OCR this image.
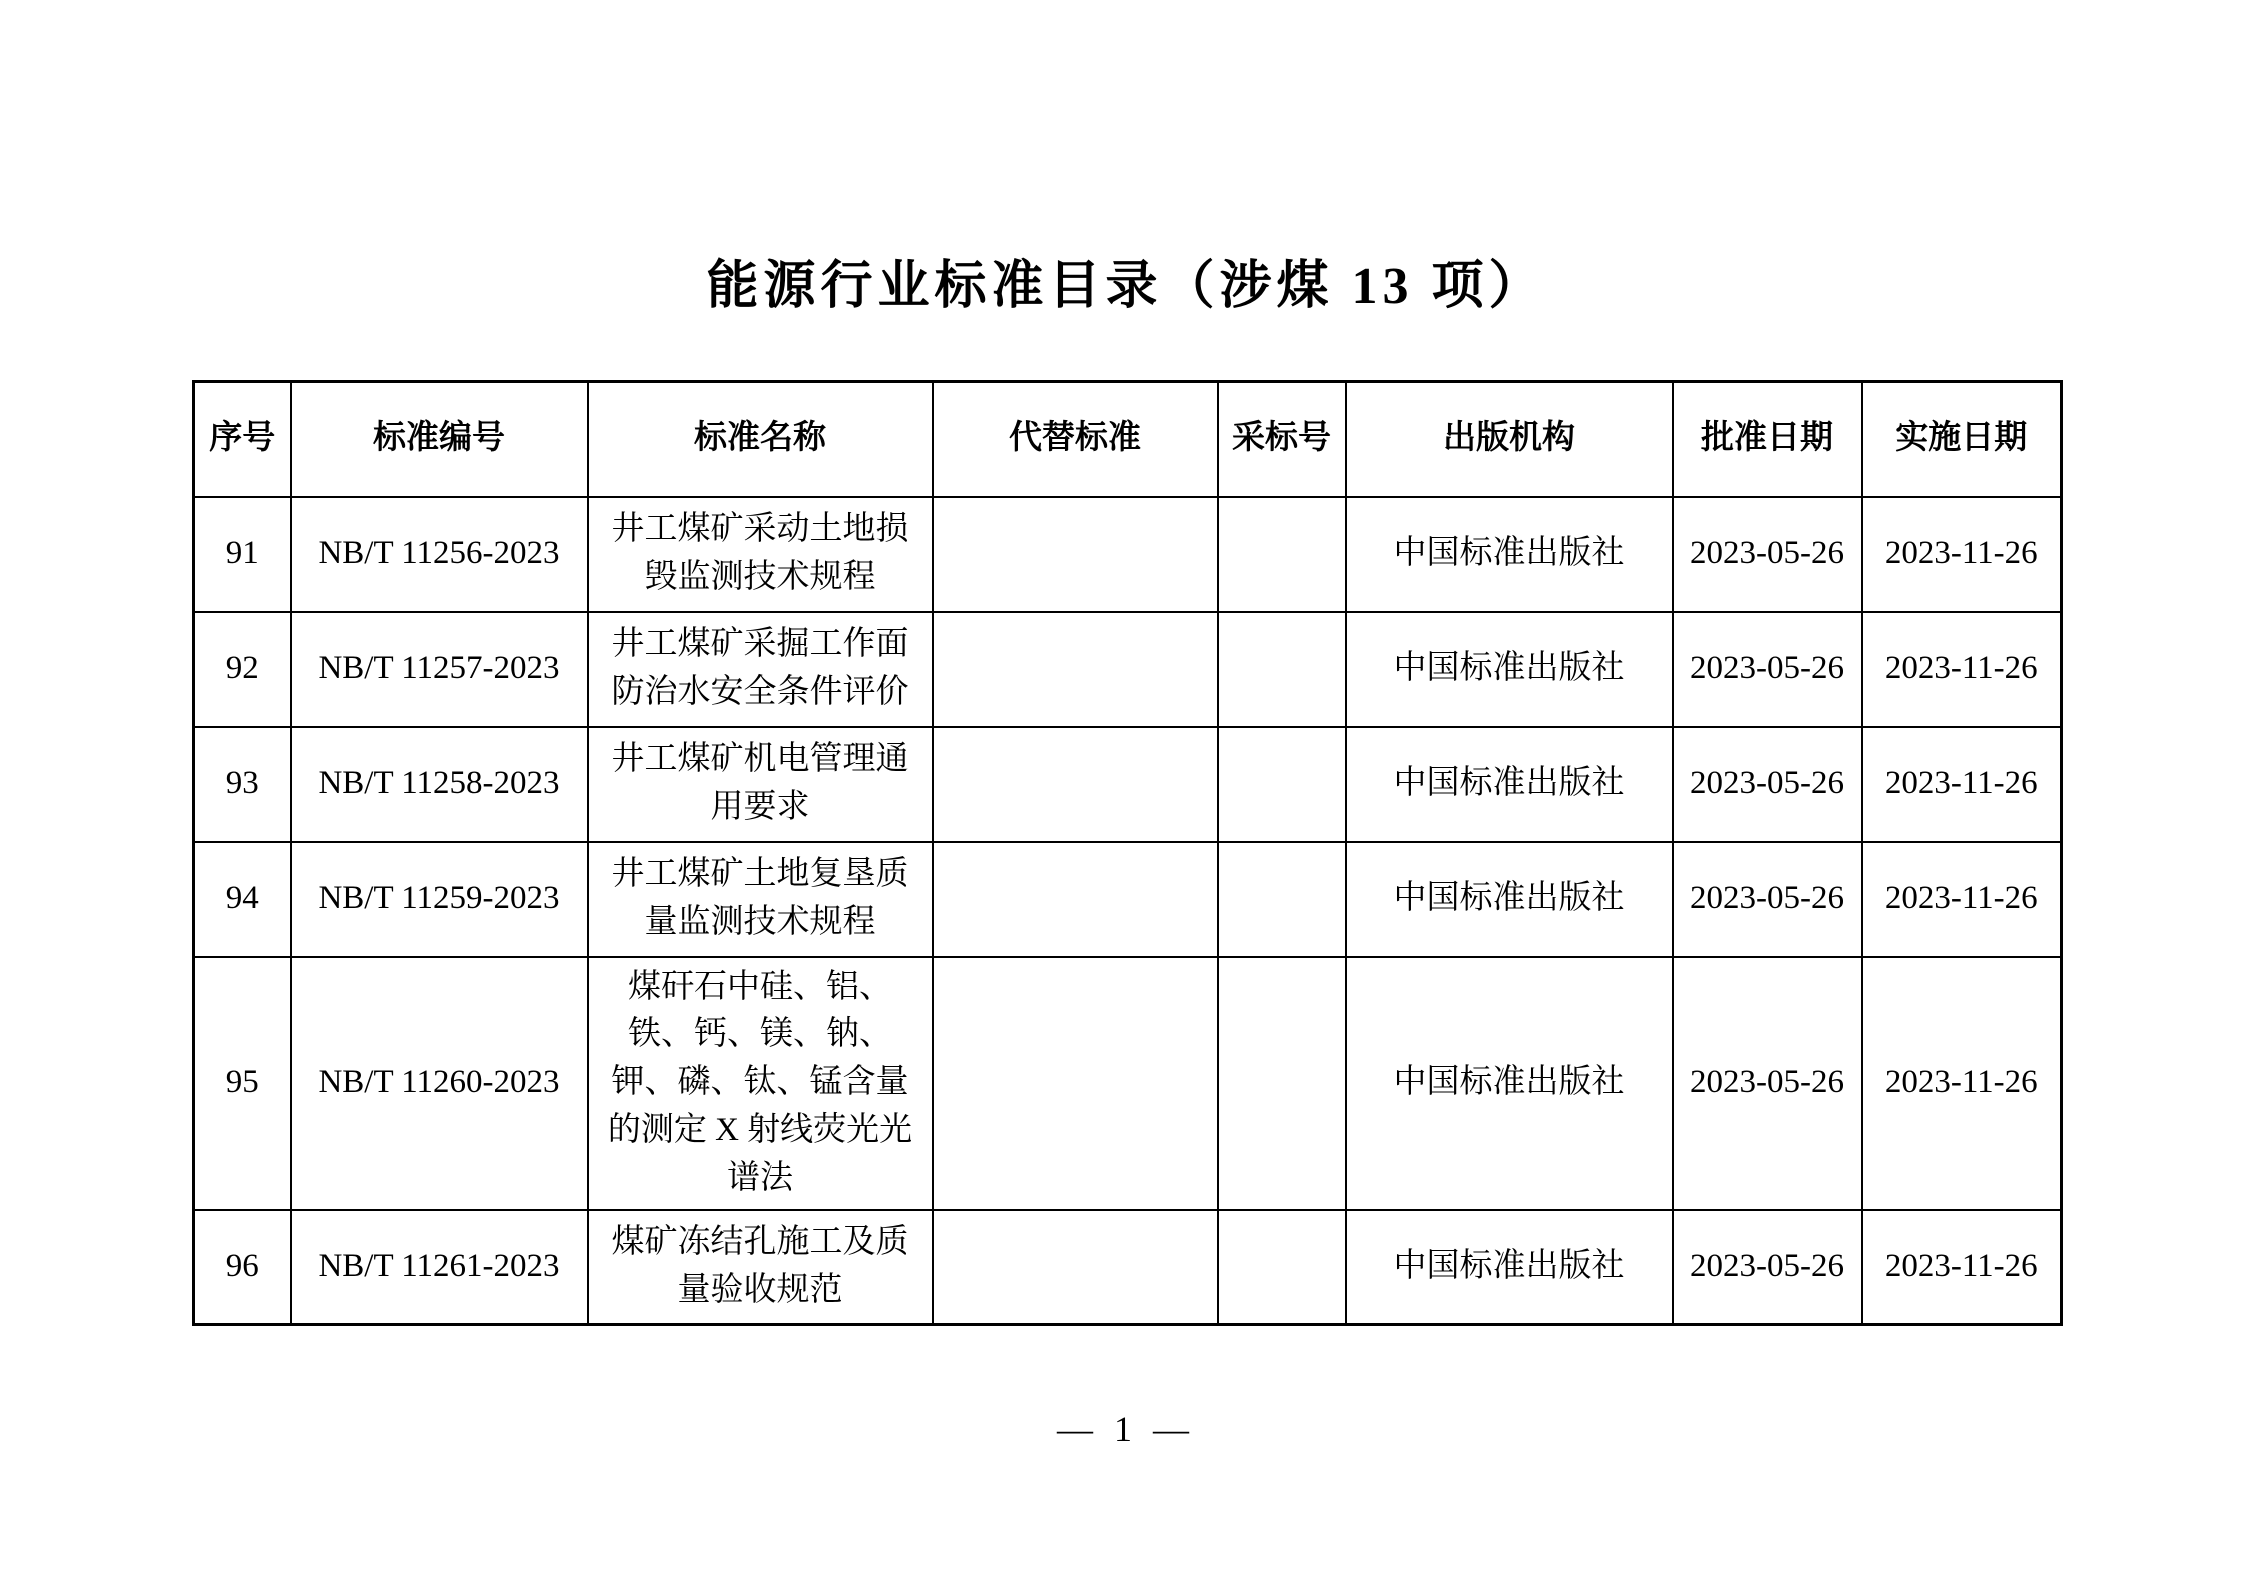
能源行业标准目录（涉煤 13 项）
序号	标准编号	标准名称	代替标准	采标号	出版机构	批准日期	实施日期
91	NB/T 11256-2023	井工煤矿采动土地损毁监测技术规程			中国标准出版社	2023-05-26	2023-11-26
92	NB/T 11257-2023	井工煤矿采掘工作面防治水安全条件评价			中国标准出版社	2023-05-26	2023-11-26
93	NB/T 11258-2023	井工煤矿机电管理通用要求			中国标准出版社	2023-05-26	2023-11-26
94	NB/T 11259-2023	井工煤矿土地复垦质量监测技术规程			中国标准出版社	2023-05-26	2023-11-26
95	NB/T 11260-2023	煤矸石中硅、铝、铁、钙、镁、钠、钾、磷、钛、锰含量的测定 X 射线荧光光谱法			中国标准出版社	2023-05-26	2023-11-26
96	NB/T 11261-2023	煤矿冻结孔施工及质量验收规范			中国标准出版社	2023-05-26	2023-11-26
— 1 —
